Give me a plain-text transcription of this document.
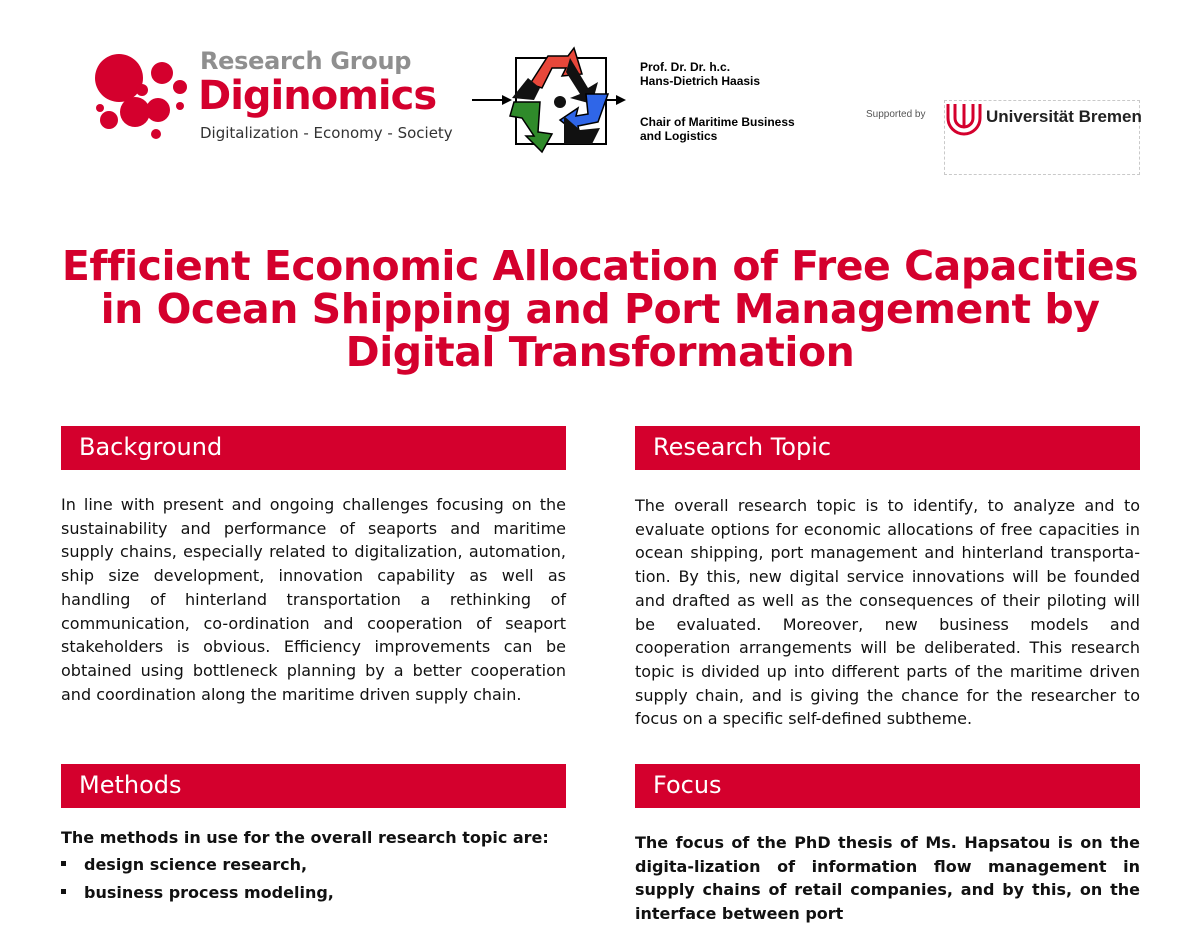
Research Group
Diginomics
Digitalization - Economy - Society
Prof. Dr. Dr. h.c.
Hans-Dietrich Haasis
Chair of Maritime Business
and Logistics
Supported by	Universität Bremen
Efficient Economic Allocation of Free Capacities
in Ocean Shipping and Port Management by
Digital Transformation
Background
In line with present and ongoing challenges focusing on the sustainability and performance of seaports and maritime supply chains, especially related to digitalization, automation, ship size development, innovation capability as well as handling of hinterland transportation a rethinking of communication, co-ordination and cooperation of seaport stakeholders is obvious. Efficiency improvements can be obtained using bottleneck planning by a better cooperation and coordination along the maritime driven supply chain.
Research Topic
The overall research topic is to identify, to analyze and to evaluate options for economic allocations of free capacities in ocean shipping, port management and hinterland transporta-tion. By this, new digital service innovations will be founded and drafted as well as the consequences of their piloting will be evaluated. Moreover, new business models and cooperation arrangements will be deliberated. This research topic is divided up into different parts of the maritime driven supply chain, and is giving the chance for the researcher to focus on a specific self-defined subtheme.
Methods
The methods in use for the overall research topic are:
design science research,
business process modeling,
Focus
The focus of the PhD thesis of Ms. Hapsatou is on the digita-lization of information flow management in supply chains of retail companies, and by this, on the interface between port
